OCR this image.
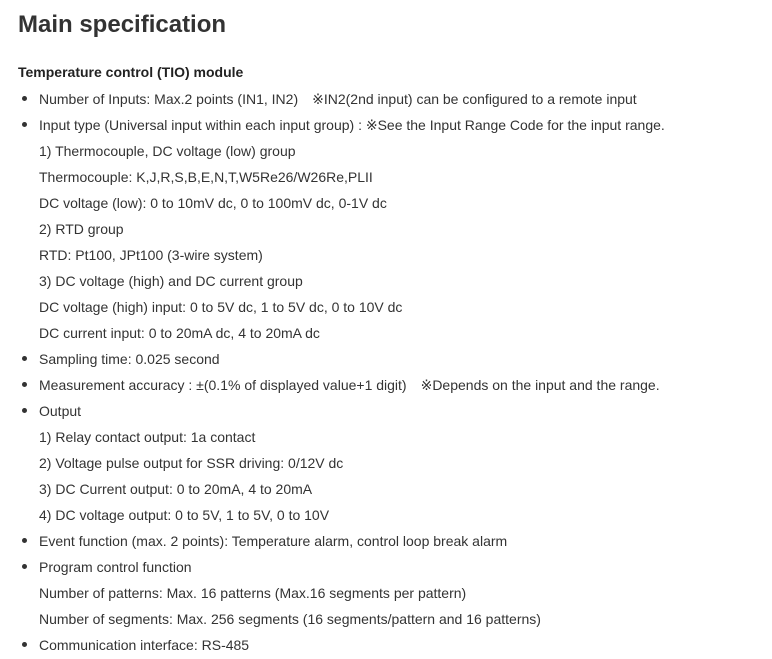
Main specification
Temperature control (TIO) module
Number of Inputs: Max.2 points (IN1, IN2)　※IN2(2nd input) can be configured to a remote input
Input type (Universal input within each input group) : ※See the Input Range Code for the input range.
1) Thermocouple, DC voltage (low) group
Thermocouple: K,J,R,S,B,E,N,T,W5Re26/W26Re,PLII
DC voltage (low): 0 to 10mV dc, 0 to 100mV dc, 0-1V dc
2) RTD group
RTD: Pt100, JPt100 (3-wire system)
3) DC voltage (high) and DC current group
DC voltage (high) input: 0 to 5V dc, 1 to 5V dc, 0 to 10V dc
DC current input: 0 to 20mA dc, 4 to 20mA dc
Sampling time: 0.025 second
Measurement accuracy : ±(0.1% of displayed value+1 digit)　※Depends on the input and the range.
Output
1) Relay contact output: 1a contact
2) Voltage pulse output for SSR driving: 0/12V dc
3) DC Current output: 0 to 20mA, 4 to 20mA
4) DC voltage output: 0 to 5V, 1 to 5V, 0 to 10V
Event function (max. 2 points): Temperature alarm, control loop break alarm
Program control function
Number of patterns: Max. 16 patterns (Max.16 segments per pattern)
Number of segments: Max. 256 segments (16 segments/pattern and 16 patterns)
Communication interface: RS-485
